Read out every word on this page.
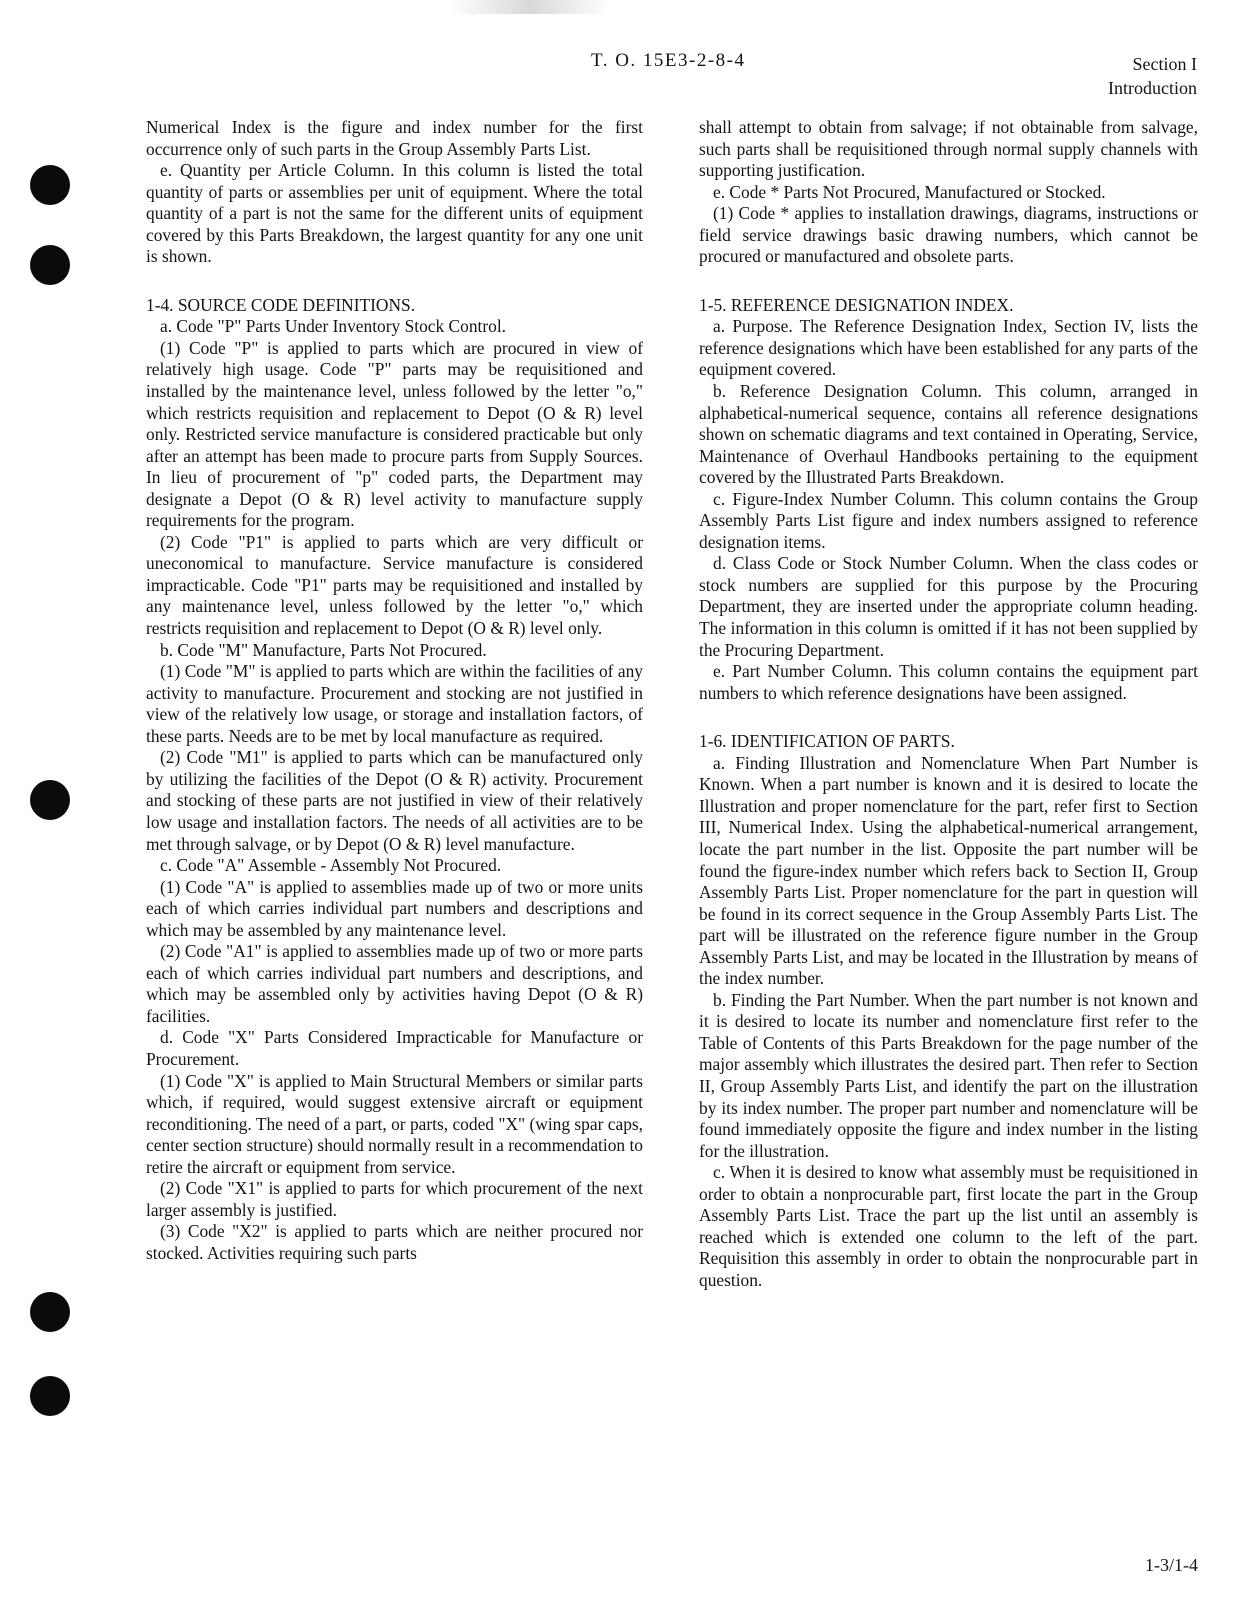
T. O. 15E3-2-8-4	Section I
Introduction

Numerical Index is the figure and index number for the first occurrence only of such parts in the Group Assembly Parts List.

e. Quantity per Article Column. In this column is listed the total quantity of parts or assemblies per unit of equipment. Where the total quantity of a part is not the same for the different units of equipment covered by this Parts Breakdown, the largest quantity for any one unit is shown.

1-4. SOURCE CODE DEFINITIONS.

a. Code "P" Parts Under Inventory Stock Control.

(1) Code "P" is applied to parts which are procured in view of relatively high usage. Code "P" parts may be requisitioned and installed by the maintenance level, unless followed by the letter "o," which restricts requisition and replacement to Depot (O & R) level only. Restricted service manufacture is considered practicable but only after an attempt has been made to procure parts from Supply Sources. In lieu of procurement of "p" coded parts, the Department may designate a Depot (O & R) level activity to manufacture supply requirements for the program.

(2) Code "P1" is applied to parts which are very difficult or uneconomical to manufacture. Service manufacture is considered impracticable. Code "P1" parts may be requisitioned and installed by any maintenance level, unless followed by the letter "o," which restricts requisition and replacement to Depot (O & R) level only.

b. Code "M" Manufacture, Parts Not Procured.

(1) Code "M" is applied to parts which are within the facilities of any activity to manufacture. Procurement and stocking are not justified in view of the relatively low usage, or storage and installation factors, of these parts. Needs are to be met by local manufacture as required.

(2) Code "M1" is applied to parts which can be manufactured only by utilizing the facilities of the Depot (O & R) activity. Procurement and stocking of these parts are not justified in view of their relatively low usage and installation factors. The needs of all activities are to be met through salvage, or by Depot (O & R) level manufacture.

c. Code "A" Assemble - Assembly Not Procured.

(1) Code "A" is applied to assemblies made up of two or more units each of which carries individual part numbers and descriptions and which may be assembled by any maintenance level.

(2) Code "A1" is applied to assemblies made up of two or more parts each of which carries individual part numbers and descriptions, and which may be assembled only by activities having Depot (O & R) facilities.

d. Code "X" Parts Considered Impracticable for Manufacture or Procurement.

(1) Code "X" is applied to Main Structural Members or similar parts which, if required, would suggest extensive aircraft or equipment reconditioning. The need of a part, or parts, coded "X" (wing spar caps, center section structure) should normally result in a recommendation to retire the aircraft or equipment from service.

(2) Code "X1" is applied to parts for which procurement of the next larger assembly is justified.

(3) Code "X2" is applied to parts which are neither procured nor stocked. Activities requiring such parts

shall attempt to obtain from salvage; if not obtainable from salvage, such parts shall be requisitioned through normal supply channels with supporting justification.

e. Code * Parts Not Procured, Manufactured or Stocked.

(1) Code * applies to installation drawings, diagrams, instructions or field service drawings basic drawing numbers, which cannot be procured or manufactured and obsolete parts.

1-5. REFERENCE DESIGNATION INDEX.

a. Purpose. The Reference Designation Index, Section IV, lists the reference designations which have been established for any parts of the equipment covered.

b. Reference Designation Column. This column, arranged in alphabetical-numerical sequence, contains all reference designations shown on schematic diagrams and text contained in Operating, Service, Maintenance of Overhaul Handbooks pertaining to the equipment covered by the Illustrated Parts Breakdown.

c. Figure-Index Number Column. This column contains the Group Assembly Parts List figure and index numbers assigned to reference designation items.

d. Class Code or Stock Number Column. When the class codes or stock numbers are supplied for this purpose by the Procuring Department, they are inserted under the appropriate column heading. The information in this column is omitted if it has not been supplied by the Procuring Department.

e. Part Number Column. This column contains the equipment part numbers to which reference designations have been assigned.

1-6. IDENTIFICATION OF PARTS.

a. Finding Illustration and Nomenclature When Part Number is Known. When a part number is known and it is desired to locate the Illustration and proper nomenclature for the part, refer first to Section III, Numerical Index. Using the alphabetical-numerical arrangement, locate the part number in the list. Opposite the part number will be found the figure-index number which refers back to Section II, Group Assembly Parts List. Proper nomenclature for the part in question will be found in its correct sequence in the Group Assembly Parts List. The part will be illustrated on the reference figure number in the Group Assembly Parts List, and may be located in the Illustration by means of the index number.

b. Finding the Part Number. When the part number is not known and it is desired to locate its number and nomenclature first refer to the Table of Contents of this Parts Breakdown for the page number of the major assembly which illustrates the desired part. Then refer to Section II, Group Assembly Parts List, and identify the part on the illustration by its index number. The proper part number and nomenclature will be found immediately opposite the figure and index number in the listing for the illustration.

c. When it is desired to know what assembly must be requisitioned in order to obtain a nonprocurable part, first locate the part in the Group Assembly Parts List. Trace the part up the list until an assembly is reached which is extended one column to the left of the part. Requisition this assembly in order to obtain the nonprocurable part in question.

1-3/1-4
